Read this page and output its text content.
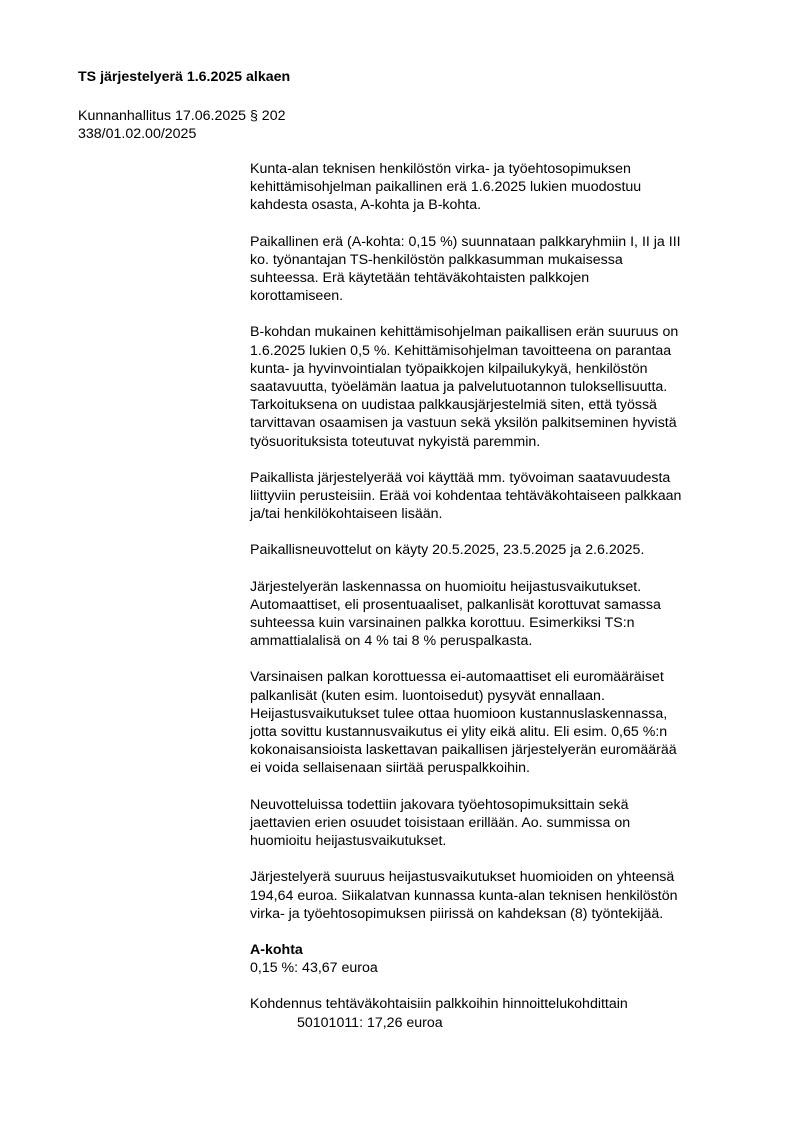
TS järjestelyerä 1.6.2025 alkaen
Kunnanhallitus 17.06.2025 § 202
338/01.02.00/2025

Kunta-alan teknisen henkilöstön virka- ja työehtosopimuksen
kehittämisohjelman paikallinen erä 1.6.2025 lukien muodostuu
kahdesta osasta, A-kohta ja B-kohta.

Paikallinen erä (A-kohta: 0,15 %) suunnataan palkkaryhmiin I, II ja III
ko. työnantajan TS-henkilöstön palkkasumman mukaisessa
suhteessa. Erä käytetään tehtäväkohtaisten palkkojen
korottamiseen.

B-kohdan mukainen kehittämisohjelman paikallisen erän suuruus on
1.6.2025 lukien 0,5 %. Kehittämisohjelman tavoitteena on parantaa
kunta- ja hyvinvointialan työpaikkojen kilpailukykyä, henkilöstön
saatavuutta, työelämän laatua ja palvelutuotannon tuloksellisuutta.
Tarkoituksena on uudistaa palkkausjärjestelmiä siten, että työssä
tarvittavan osaamisen ja vastuun sekä yksilön palkitseminen hyvistä
työsuorituksista toteutuvat nykyistä paremmin.

Paikallista järjestelyerää voi käyttää mm. työvoiman saatavuudesta
liittyviin perusteisiin. Erää voi kohdentaa tehtäväkohtaiseen palkkaan
ja/tai henkilökohtaiseen lisään.

Paikallisneuvottelut on käyty 20.5.2025, 23.5.2025 ja 2.6.2025.

Järjestelyerän laskennassa on huomioitu heijastusvaikutukset.
Automaattiset, eli prosentuaaliset, palkanlisät korottuvat samassa
suhteessa kuin varsinainen palkka korottuu. Esimerkiksi TS:n
ammattialalisä on 4 % tai 8 % peruspalkasta.

Varsinaisen palkan korottuessa ei-automaattiset eli euromääräiset
palkanlisät (kuten esim. luontoisedut) pysyvät ennallaan.
Heijastusvaikutukset tulee ottaa huomioon kustannuslaskennassa,
jotta sovittu kustannusvaikutus ei ylity eikä alitu. Eli esim. 0,65 %:n
kokonaisansioista laskettavan paikallisen järjestelyerän euromäärää
ei voida sellaisenaan siirtää peruspalkkoihin.

Neuvotteluissa todettiin jakovara työehtosopimuksittain sekä
jaettavien erien osuudet toisistaan erillään. Ao. summissa on
huomioitu heijastusvaikutukset.

Järjestelyerä suuruus heijastusvaikutukset huomioiden on yhteensä
194,64 euroa. Siikalatvan kunnassa kunta-alan teknisen henkilöstön
virka- ja työehtosopimuksen piirissä on kahdeksan (8) työntekijää.

A-kohta

0,15 %: 43,67 euroa

Kohdennus tehtäväkohtaisiin palkkoihin hinnoittelukohdittain

50101011: 17,26 euroa
